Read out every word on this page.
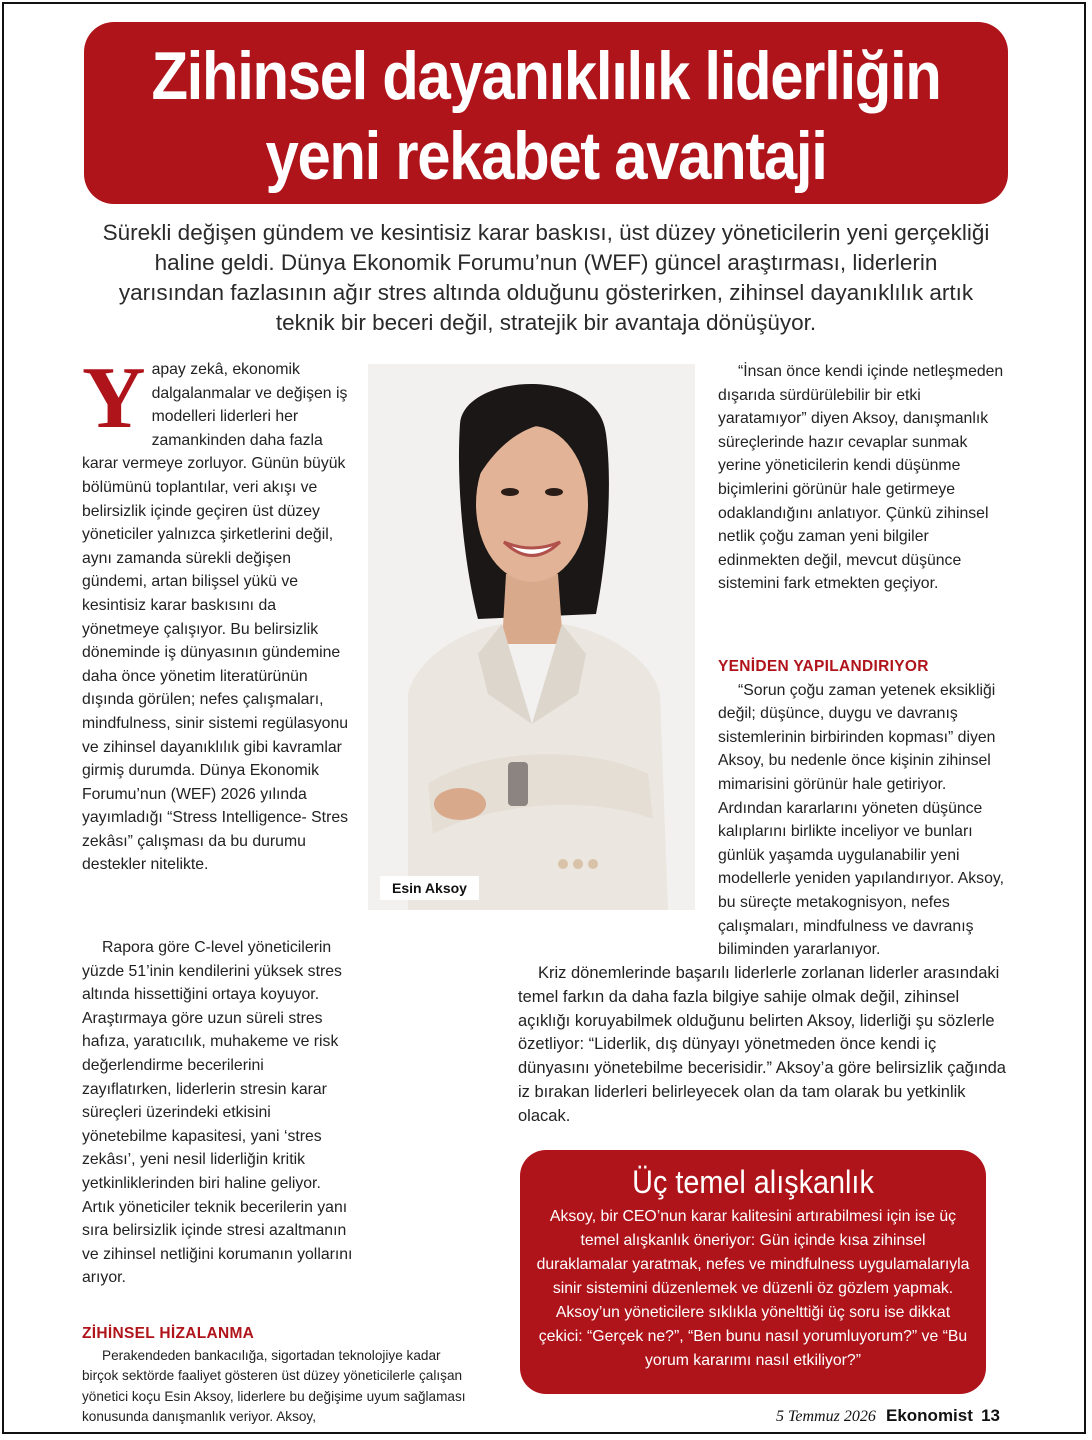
Zihinsel dayanıklılık liderliğin
yeni rekabet avantaji
Sürekli değişen gündem ve kesintisiz karar baskısı, üst düzey yöneticilerin yeni gerçekliği haline geldi. Dünya Ekonomik Forumu’nun (WEF) güncel araştırması, liderlerin yarısından fazlasının ağır stres altında olduğunu gösterirken, zihinsel dayanıklılık artık teknik bir beceri değil, stratejik bir avantaja dönüşüyor.
Y apay zekâ, ekonomik dalgalanmalar ve değişen iş modelleri liderleri her zamankinden daha fazla karar vermeye zorluyor. Günün büyük bölümünü toplantılar, veri akışı ve belirsizlik içinde geçiren üst düzey yöneticiler yalnızca şirketlerini değil, aynı zamanda sürekli değişen gündemi, artan bilişsel yükü ve kesintisiz karar baskısını da yönetmeye çalışıyor. Bu belirsizlik döneminde iş dünyasının gündemine daha önce yönetim literatürünün dışında görülen; nefes çalışmaları, mindfulness, sinir sistemi regülasyonu ve zihinsel dayanıklılık gibi kavramlar girmiş durumda. Dünya Ekonomik Forumu’nun (WEF) 2026 yılında yayımladığı “Stress Intelligence- Stres zekâsı” çalışması da bu durumu destekler nitelikte.

Rapora göre C-level yöneticilerin yüzde 51’inin kendilerini yüksek stres altında hissettiğini ortaya koyuyor. Araştırmaya göre uzun süreli stres hafıza, yaratıcılık, muhakeme ve risk değerlendirme becerilerini zayıflatırken, liderlerin stresin karar süreçleri üzerindeki etkisini yönetebilme kapasitesi, yani ‘stres zekâsı’, yeni nesil liderliğin kritik yetkinliklerinden biri haline geliyor. Artık yöneticiler teknik becerilerin yanı sıra belirsizlik içinde stresi azaltmanın ve zihinsel netliğini korumanın yollarını arıyor.

ZİHİNSEL HİZALANMA

Perakendeden bankacılığa, sigortadan teknolojiye kadar birçok sektörde faaliyet gösteren üst düzey yöneticilerle çalışan yönetici koçu Esin Aksoy, liderlere bu değişime uyum sağlaması konusunda danışmanlık veriyor. Aksoy,

Esin Aksoy

“İnsan önce kendi içinde netleşmeden dışarıda sürdürülebilir bir etki yaratamıyor” diyen Aksoy, danışmanlık süreçlerinde hazır cevaplar sunmak yerine yöneticilerin kendi düşünme biçimlerini görünür hale getirmeye odaklandığını anlatıyor. Çünkü zihinsel netlik çoğu zaman yeni bilgiler edinmekten değil, mevcut düşünce sistemini fark etmekten geçiyor.

YENİDEN YAPILANDIRIYOR

“Sorun çoğu zaman yetenek eksikliği değil; düşünce, duygu ve davranış sistemlerinin birbirinden kopması” diyen Aksoy, bu nedenle önce kişinin zihinsel mimarisini görünür hale getiriyor. Ardından kararlarını yöneten düşünce kalıplarını birlikte inceliyor ve bunları günlük yaşamda uygulanabilir yeni modellerle yeniden yapılandırıyor. Aksoy, bu süreçte metakognisyon, nefes çalışmaları, mindfulness ve davranış biliminden yararlanıyor.

Kriz dönemlerinde başarılı liderlerle zorlanan liderler arasındaki temel farkın da daha fazla bilgiye sahije olmak değil, zihinsel açıklığı koruyabilmek olduğunu belirten Aksoy, liderliği şu sözlerle özetliyor: “Liderlik, dış dünyayı yönetmeden önce kendi iç dünyasını yönetebilme becerisidir.” Aksoy’a göre belirsizlik çağında iz bırakan liderleri belirleyecek olan da tam olarak bu yetkinlik olacak.

Üç temel alışkanlık

Aksoy, bir CEO’nun karar kalitesini artırabilmesi için ise üç temel alışkanlık öneriyor: Gün içinde kısa zihinsel duraklamalar yaratmak, nefes ve mindfulness uygulamalarıyla sinir sistemini düzenlemek ve düzenli öz gözlem yapmak. Aksoy’un yöneticilere sıklıkla yönelttiği üç soru ise dikkat çekici: “Gerçek ne?”, “Ben bunu nasıl yorumluyorum?” ve “Bu yorum kararımı nasıl etkiliyor?”

5 Temmuz 2026 Ekonomist 13
